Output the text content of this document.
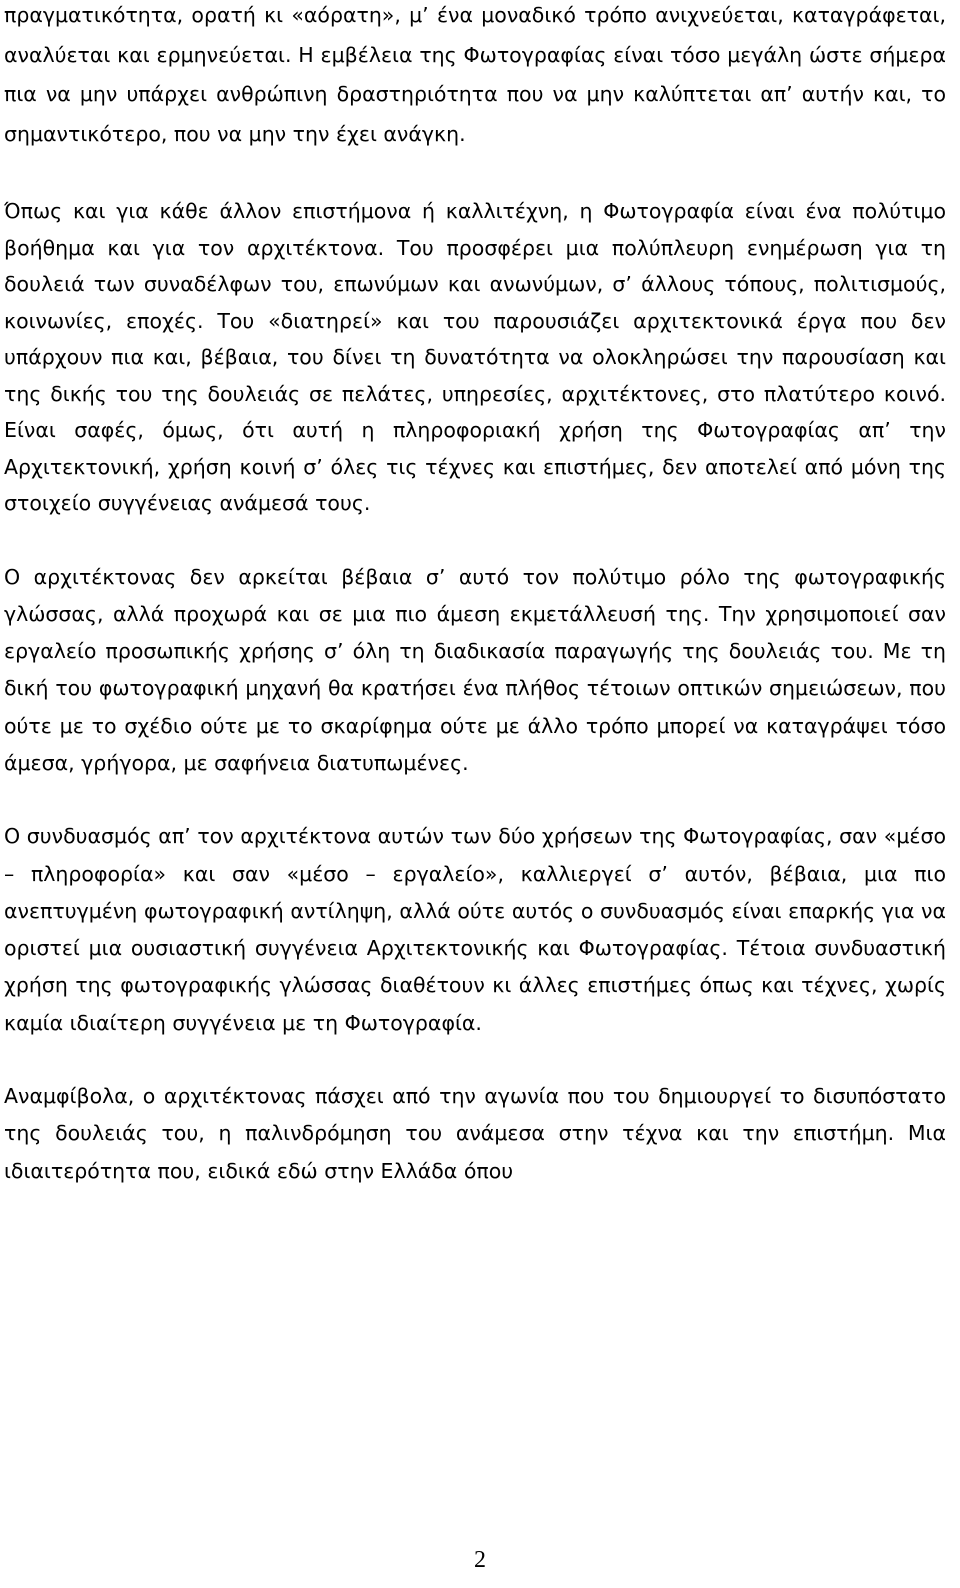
πραγματικότητα, ορατή κι «αόρατη», μ’ ένα μοναδικό τρόπο ανιχνεύεται, καταγράφεται, αναλύεται και ερμηνεύεται. Η εμβέλεια της Φωτογραφίας είναι τόσο μεγάλη ώστε σήμερα πια να μην υπάρχει ανθρώπινη δραστηριότητα που να μην καλύπτεται απ’ αυτήν και, το σημαντικότερο, που να μην την έχει ανάγκη.

Όπως και για κάθε άλλον επιστήμονα ή καλλιτέχνη, η Φωτογραφία είναι ένα πολύτιμο βοήθημα και για τον αρχιτέκτονα. Του προσφέρει μια πολύπλευρη ενημέρωση για τη δουλειά των συναδέλφων του, επωνύμων και ανωνύμων, σ’ άλλους τόπους, πολιτισμούς, κοινωνίες, εποχές. Του «διατηρεί» και του παρουσιάζει αρχιτεκτονικά έργα που δεν υπάρχουν πια και, βέβαια, του δίνει τη δυνατότητα να ολοκληρώσει την παρουσίαση και της δικής του της δουλειάς σε πελάτες, υπηρεσίες, αρχιτέκτονες, στο πλατύτερο κοινό. Είναι σαφές, όμως, ότι αυτή η πληροφοριακή χρήση της Φωτογραφίας απ’ την Αρχιτεκτονική, χρήση κοινή σ’ όλες τις τέχνες και επιστήμες, δεν αποτελεί από μόνη της στοιχείο συγγένειας ανάμεσά τους.

Ο αρχιτέκτονας δεν αρκείται βέβαια σ’ αυτό τον πολύτιμο ρόλο της φωτογραφικής γλώσσας, αλλά προχωρά και σε μια πιο άμεση εκμετάλλευσή της. Την χρησιμοποιεί σαν εργαλείο προσωπικής χρήσης σ’ όλη τη διαδικασία παραγωγής της δουλειάς του. Με τη δική του φωτογραφική μηχανή θα κρατήσει ένα πλήθος τέτοιων οπτικών σημειώσεων, που ούτε με το σχέδιο ούτε με το σκαρίφημα ούτε με άλλο τρόπο μπορεί να καταγράψει τόσο άμεσα, γρήγορα, με σαφήνεια διατυπωμένες.

Ο συνδυασμός απ’ τον αρχιτέκτονα αυτών των δύο χρήσεων της Φωτογραφίας, σαν «μέσο – πληροφορία» και σαν «μέσο – εργαλείο», καλλιεργεί σ’ αυτόν, βέβαια, μια πιο ανεπτυγμένη φωτογραφική αντίληψη, αλλά ούτε αυτός ο συνδυασμός είναι επαρκής για να οριστεί μια ουσιαστική συγγένεια Αρχιτεκτονικής και Φωτογραφίας. Τέτοια συνδυαστική χρήση της φωτογραφικής γλώσσας διαθέτουν κι άλλες επιστήμες όπως και τέχνες, χωρίς καμία ιδιαίτερη συγγένεια με τη Φωτογραφία.

Αναμφίβολα, ο αρχιτέκτονας πάσχει από την αγωνία που του δημιουργεί το δισυπόστατο της δουλειάς του, η παλινδρόμηση του ανάμεσα στην τέχνα και την επιστήμη. Μια ιδιαιτερότητα που, ειδικά εδώ στην Ελλάδα όπου

2
